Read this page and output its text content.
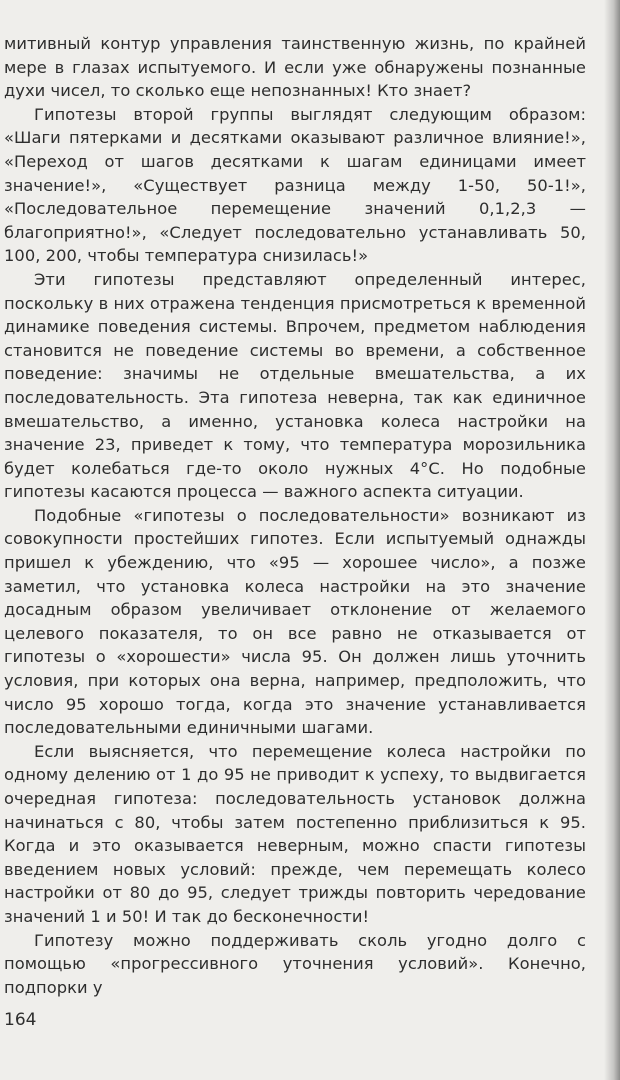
митивный контур управления таинственную жизнь, по крайней мере в глазах испытуемого. И если уже обнаружены познанные духи чисел, то сколько еще непознанных! Кто знает?

Гипотезы второй группы выглядят следующим образом: «Шаги пятерками и десятками оказывают различное влияние!», «Переход от шагов десятками к шагам единицами имеет значение!», «Существует разница между 1-50, 50-1!», «Последовательное перемещение значений 0,1,2,3 — благоприятно!», «Следует последовательно устанавливать 50, 100, 200, чтобы температура снизилась!»

Эти гипотезы представляют определенный интерес, поскольку в них отражена тенденция присмотреться к временной динамике поведения системы. Впрочем, предметом наблюдения становится не поведение системы во времени, а собственное поведение: значимы не отдельные вмешательства, а их последовательность. Эта гипотеза неверна, так как единичное вмешательство, а именно, установка колеса настройки на значение 23, приведет к тому, что температура морозильника будет колебаться где-то около нужных 4°С. Но подобные гипотезы касаются процесса — важного аспекта ситуации.

Подобные «гипотезы о последовательности» возникают из совокупности простейших гипотез. Если испытуемый однажды пришел к убеждению, что «95 — хорошее число», а позже заметил, что установка колеса настройки на это значение досадным образом увеличивает отклонение от желаемого целевого показателя, то он все равно не отказывается от гипотезы о «хорошести» числа 95. Он должен лишь уточнить условия, при которых она верна, например, предположить, что число 95 хорошо тогда, когда это значение устанавливается последовательными единичными шагами.

Если выясняется, что перемещение колеса настройки по одному делению от 1 до 95 не приводит к успеху, то выдвигается очередная гипотеза: последовательность установок должна начинаться с 80, чтобы затем постепенно приблизиться к 95. Когда и это оказывается неверным, можно спасти гипотезы введением новых условий: прежде, чем перемещать колесо настройки от 80 до 95, следует трижды повторить чередование значений 1 и 50! И так до бесконечности!

Гипотезу можно поддерживать сколь угодно долго с помощью «прогрессивного уточнения условий». Конечно, подпорки у

164
